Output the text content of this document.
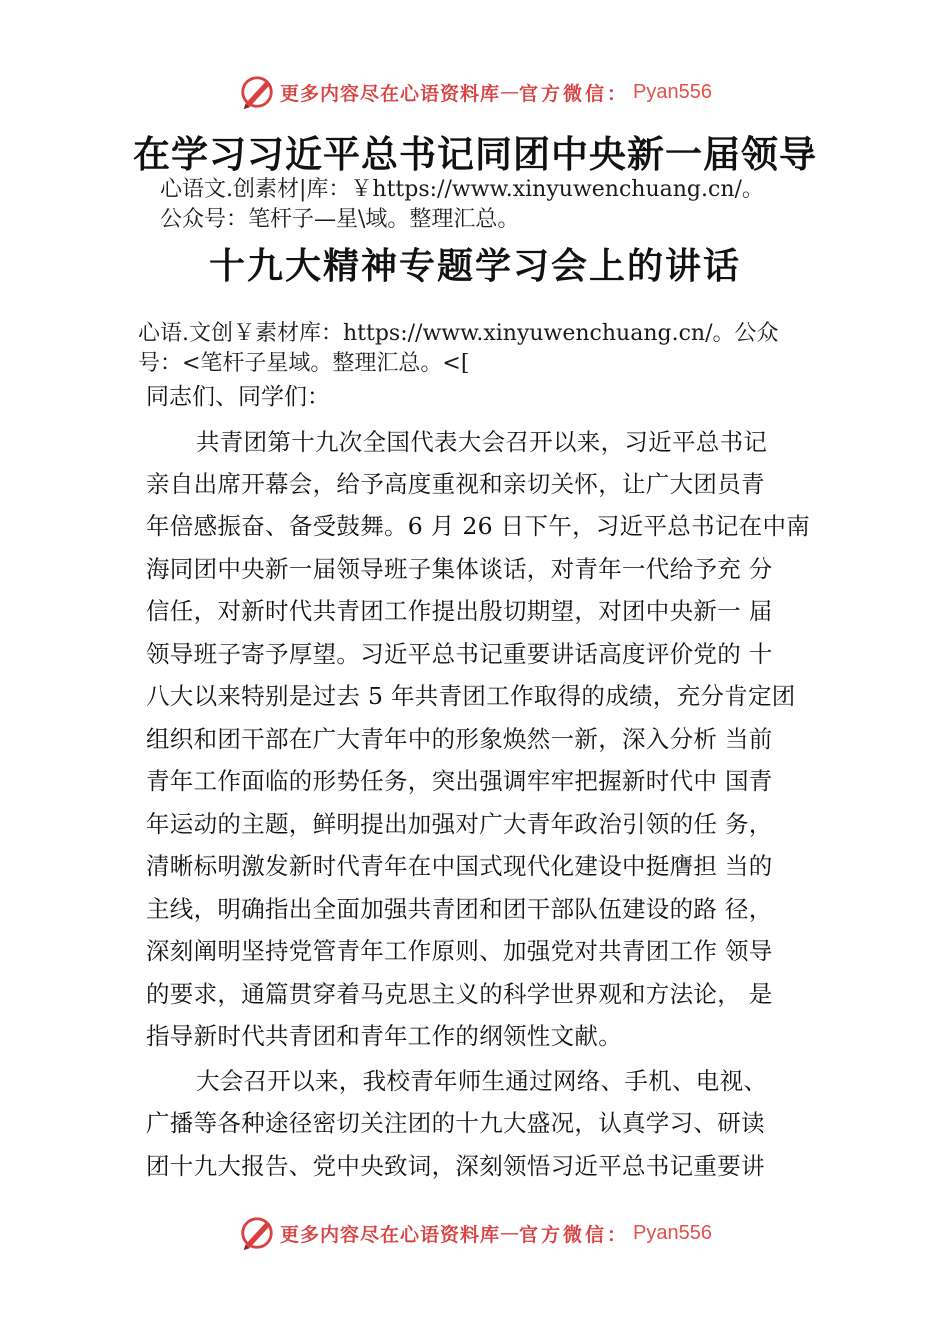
更多内容尽在心语资料库 — 官方微信： Pyan556
在学习习近平总书记同团中央新一届领导

心语文.创素材|库：￥https://www.xinyuwenchuang.cn/。

公众号：笔杆子—星\域。整理汇总。

十九大精神专题学习会上的讲话

心语.文创￥素材库：https://www.xinyuwenchuang.cn/。公众

号：<笔杆子星域。整理汇总。<[

同志们、同学们：

共青团第十九次全国代表大会召开以来，习近平总书记

亲自出席开幕会，给予高度重视和亲切关怀，让广大团员青

年倍感振奋、备受鼓舞。6 月 26 日下午，习近平总书记在中南

海同团中央新一届领导班子集体谈话，对青年一代给予充 分

信任，对新时代共青团工作提出殷切期望，对团中央新一 届

领导班子寄予厚望。习近平总书记重要讲话高度评价党的 十

八大以来特别是过去 5 年共青团工作取得的成绩，充分肯定团

组织和团干部在广大青年中的形象焕然一新，深入分析 当前

青年工作面临的形势任务，突出强调牢牢把握新时代中 国青

年运动的主题，鲜明提出加强对广大青年政治引领的任 务，

清晰标明激发新时代青年在中国式现代化建设中挺膺担 当的

主线，明确指出全面加强共青团和团干部队伍建设的路 径，

深刻阐明坚持党管青年工作原则、加强党对共青团工作 领导

的要求，通篇贯穿着马克思主义的科学世界观和方法论， 是

指导新时代共青团和青年工作的纲领性文献。

大会召开以来，我校青年师生通过网络、手机、电视、

广播等各种途径密切关注团的十九大盛况，认真学习、研读

团十九大报告、党中央致词，深刻领悟习近平总书记重要讲

更多内容尽在心语资料库 — 官方微信： Pyan556
